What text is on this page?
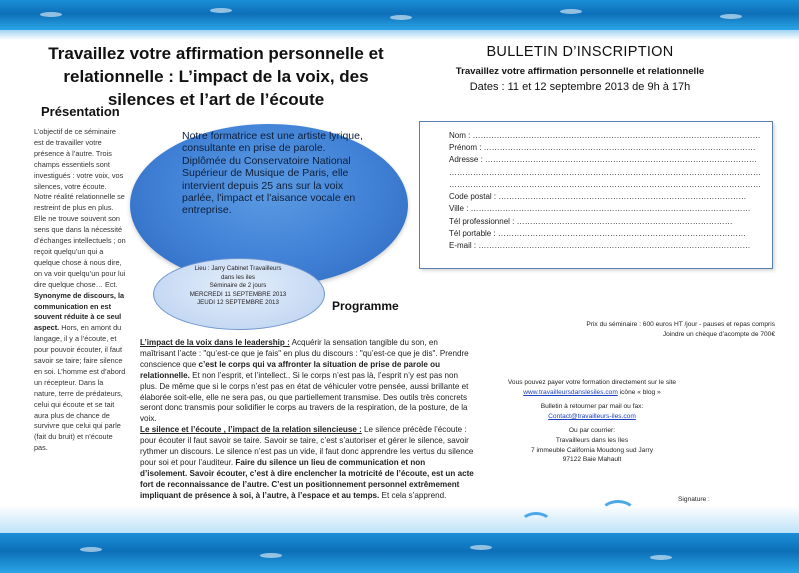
Travaillez votre affirmation personnelle et relationnelle : L’impact de la voix, des silences et l’art de l’écoute
Présentation
L’objectif de ce séminaire est de travailler votre présence à l’autre. Trois champs essentiels sont investigués : votre voix, vos silences, votre écoute. Notre réalité relationnelle se restreint de plus en plus. Elle ne trouve souvent son sens que dans la nécessité d’échanges intellectuels ; on reçoit quelqu’un qui a quelque chose à nous dire, on va voir quelqu’un pour lui dire quelque chose… Ect. Synonyme de discours, la communication en est souvent réduite à ce seul aspect. Hors, en amont du langage, il y a l’écoute, et pour pouvoir écouter, il faut savoir se taire; faire silence en soi. L’homme est d’abord un récepteur. Dans la nature, terre de prédateurs, celui qui écoute et se tait aura plus de chance de survivre que celui qui parle (fait du bruit) et n’écoute pas.
Notre formatrice est une artiste lyrique, consultante en prise de parole. Diplômée du Conservatoire National Supérieur de Musique de Paris, elle intervient depuis 25 ans sur la voix parlée, l'impact et l'aisance vocale en entreprise.
Lieu : Jarry Cabinet Travailleurs
dans les iles
Séminaire de 2 jours
MERCREDI 11 SEPTEMBRE 2013
JEUDI 12 SEPTEMBRE 2013	Programme
L’impact de la voix dans le leadership : Acquérir la sensation tangible du son, en maîtrisant l’acte : "qu’est-ce que je fais" en plus du discours : "qu’est-ce que je dis". Prendre conscience que c’est le corps qui va affronter la situation de prise de parole ou relationnelle. Et non l’esprit, et l’intellect.. Si le corps n’est pas là, l’esprit n’y est pas non plus. De même que si le corps n’est pas en état de véhiculer votre pensée, aussi brillante et élaborée soit-elle, elle ne sera pas, ou que partiellement transmise. Des outils très concrets seront donc transmis pour solidifier le corps au travers de la respiration, de la posture, de la voix.
Le silence et l’écoute , l’impact de la relation silencieuse : Le silence précède l’écoute : pour écouter il faut savoir se taire. Savoir se taire, c’est s’autoriser et gérer le silence, savoir rythmer un discours. Le silence n’est pas un vide, il faut donc apprendre les vertus du silence pour soi et pour l’auditeur. Faire du silence un lieu de communication et non d’isolement. Savoir écouter, c’est à dire enclencher la motricité de l’écoute, est un acte fort de reconnaissance de l’autre. C’est un positionnement personnel extrêmement impliquant de présence à soi, à l’autre, à l’espace et au temps. Et cela s’apprend.
BULLETIN D’INSCRIPTION
Travaillez votre affirmation personnelle et relationnelle
Dates : 11 et 12 septembre 2013 de 9h à 17h
Nom : ………………………………………………………………………………………………
Prénom : …………………………………………………………………………………………
Adresse : …………………………………………………………………………………………
………………………………………………………………………………………………………
………………………………………………………………………………………………………
Code postal : …………………………………………………………………………………
Ville : ……………………………………………………………………………………………
Tél professionnel : ………………………………………………………………………
Tél portable : …………………………………………………………………………………
E-mail : …………………………………………………………………………………………
Prix du séminaire : 600 euros HT /jour - pauses et repas compris
Joindre un chèque d’acompte de 700€
Vous pouvez payer votre formation directement sur le site
www.travailleursdanslesiles.com icône « blog »
Bulletin à retourner par mail ou fax:
Contact@travailleurs-iles.com
Ou par courrier:
Travailleurs dans les Iles
7 immeuble California Moudong sud Jarry
97122 Baie Mahault
Signature :
